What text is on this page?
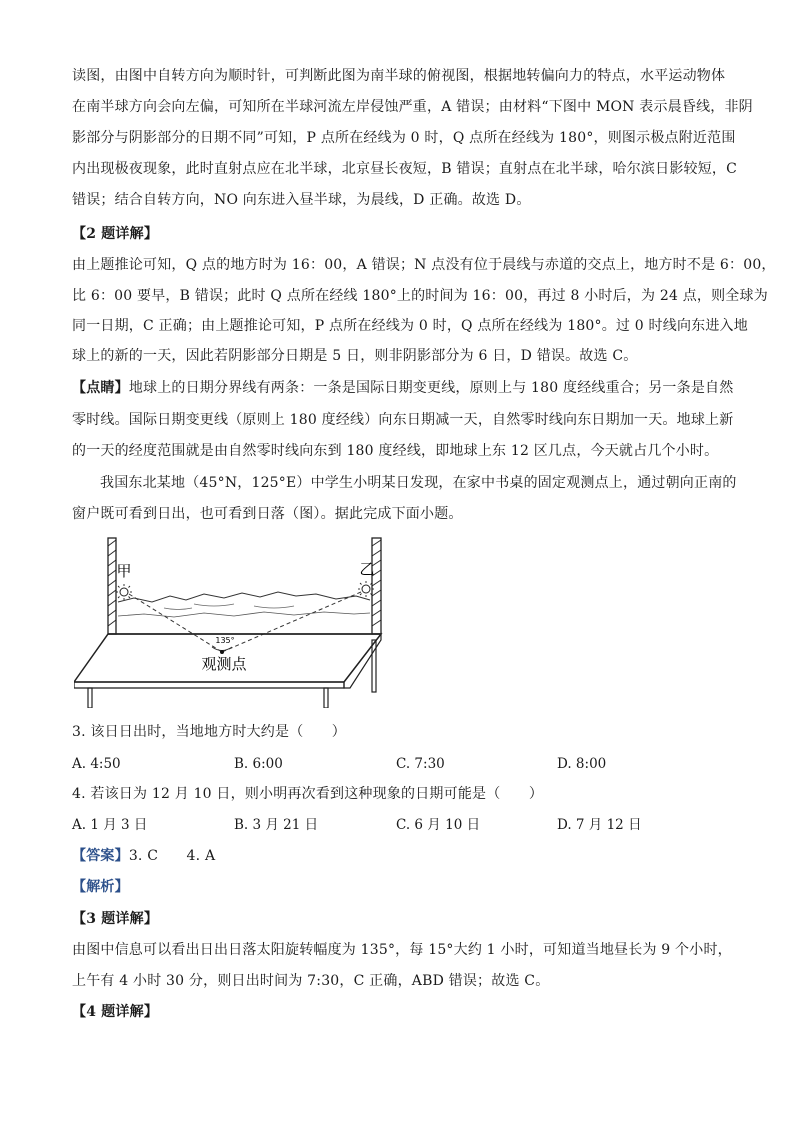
读图，由图中自转方向为顺时针，可判断此图为南半球的俯视图，根据地转偏向力的特点，水平运动物体
在南半球方向会向左偏，可知所在半球河流左岸侵蚀严重，A 错误；由材料“下图中 MON 表示晨昏线，非阴
影部分与阴影部分的日期不同”可知，P 点所在经线为 0 时，Q 点所在经线为 180°，则图示极点附近范围
内出现极夜现象，此时直射点应在北半球，北京昼长夜短，B 错误；直射点在北半球，哈尔滨日影较短，C
错误；结合自转方向，NO 向东进入昼半球，为晨线，D 正确。故选 D。
【2 题详解】
由上题推论可知，Q 点的地方时为 16：00，A 错误；N 点没有位于晨线与赤道的交点上，地方时不是 6：00，
比 6：00 要早，B 错误；此时 Q 点所在经线 180°上的时间为 16：00，再过 8 小时后，为 24 点，则全球为
同一日期，C 正确；由上题推论可知，P 点所在经线为 0 时，Q 点所在经线为 180°。过 0 时线向东进入地
球上的新的一天，因此若阴影部分日期是 5 日，则非阴影部分为 6 日，D 错误。故选 C。
【点睛】地球上的日期分界线有两条：一条是国际日期变更线，原则上与 180 度经线重合；另一条是自然
零时线。国际日期变更线（原则上 180 度经线）向东日期减一天，自然零时线向东日期加一天。地球上新
的一天的经度范围就是由自然零时线向东到 180 度经线，即地球上东 12 区几点，今天就占几个小时。
我国东北某地（45°N，125°E）中学生小明某日发现，在家中书桌的固定观测点上，通过朝向正南的
窗户既可看到日出，也可看到日落（图）。据此完成下面小题。
甲	乙
135°
观测点
3. 该日日出时，当地地方时大约是（　　）
A. 4:50	B. 6:00	C. 7:30	D. 8:00
4. 若该日为 12 月 10 日，则小明再次看到这种现象的日期可能是（　　）
A. 1 月 3 日	B. 3 月 21 日	C. 6 月 10 日	D. 7 月 12 日
【答案】3. C　　4. A
【解析】
【3 题详解】
由图中信息可以看出日出日落太阳旋转幅度为 135°，每 15°大约 1 小时，可知道当地昼长为 9 个小时，
上午有 4 小时 30 分，则日出时间为 7:30，C 正确，ABD 错误；故选 C。
【4 题详解】
